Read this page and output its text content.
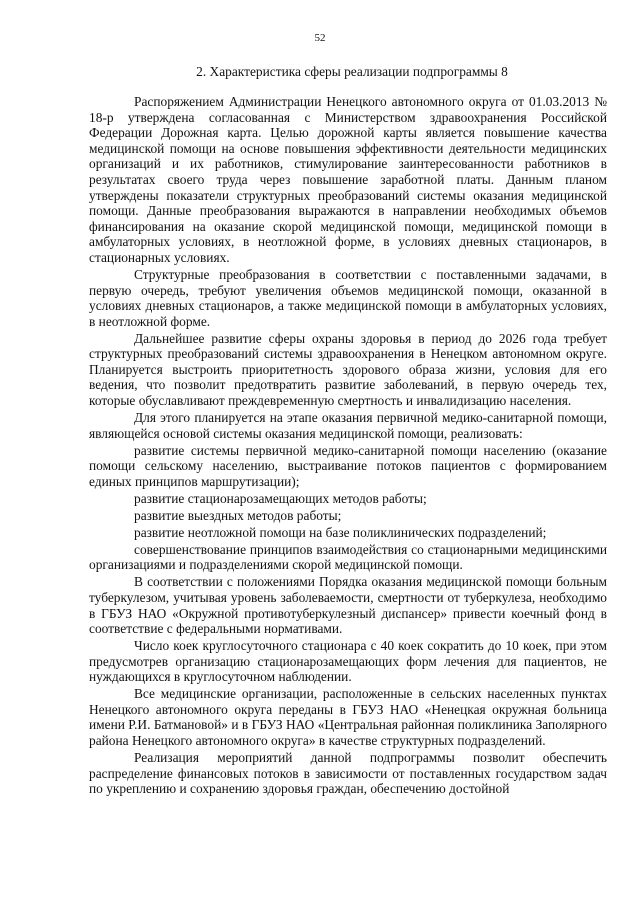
52
2. Характеристика сферы реализации подпрограммы 8

Распоряжением Администрации Ненецкого автономного округа от 01.03.2013 № 18-р утверждена согласованная с Министерством здравоохранения Российской Федерации Дорожная карта. Целью дорожной карты является повышение качества медицинской помощи на основе повышения эффективности деятельности медицинских организаций и их работников, стимулирование заинтересованности работников в результатах своего труда через повышение заработной платы. Данным планом утверждены показатели структурных преобразований системы оказания медицинской помощи. Данные преобразования выражаются в направлении необходимых объемов финансирования на оказание скорой медицинской помощи, медицинской помощи в амбулаторных условиях, в неотложной форме, в условиях дневных стационаров, в стационарных условиях.

Структурные преобразования в соответствии с поставленными задачами, в первую очередь, требуют увеличения объемов медицинской помощи, оказанной в условиях дневных стационаров, а также медицинской помощи в амбулаторных условиях, в неотложной форме.

Дальнейшее развитие сферы охраны здоровья в период до 2026 года требует структурных преобразований системы здравоохранения в Ненецком автономном округе. Планируется выстроить приоритетность здорового образа жизни, условия для его ведения, что позволит предотвратить развитие заболеваний, в первую очередь тех, которые обуславливают преждевременную смертность и инвалидизацию населения.

Для этого планируется на этапе оказания первичной медико-санитарной помощи, являющейся основой системы оказания медицинской помощи, реализовать:

развитие системы первичной медико-санитарной помощи населению (оказание помощи сельскому населению, выстраивание потоков пациентов с формированием единых принципов маршрутизации);

развитие стационарозамещающих методов работы;

развитие выездных методов работы;

развитие неотложной помощи на базе поликлинических подразделений;

совершенствование принципов взаимодействия со стационарными медицинскими организациями и подразделениями скорой медицинской помощи.

В соответствии с положениями Порядка оказания медицинской помощи больным туберкулезом, учитывая уровень заболеваемости, смертности от туберкулеза, необходимо в ГБУЗ НАО «Окружной противотуберкулезный диспансер» привести коечный фонд в соответствие с федеральными нормативами.

Число коек круглосуточного стационара с 40 коек сократить до 10 коек, при этом предусмотрев организацию стационарозамещающих форм лечения для пациентов, не нуждающихся в круглосуточном наблюдении.

Все медицинские организации, расположенные в сельских населенных пунктах Ненецкого автономного округа переданы в ГБУЗ НАО «Ненецкая окружная больница имени Р.И. Батмановой» и в ГБУЗ НАО «Центральная районная поликлиника Заполярного района Ненецкого автономного округа» в качестве структурных подразделений.

Реализация мероприятий данной подпрограммы позволит обеспечить распределение финансовых потоков в зависимости от поставленных государством задач по укреплению и сохранению здоровья граждан, обеспечению достойной
